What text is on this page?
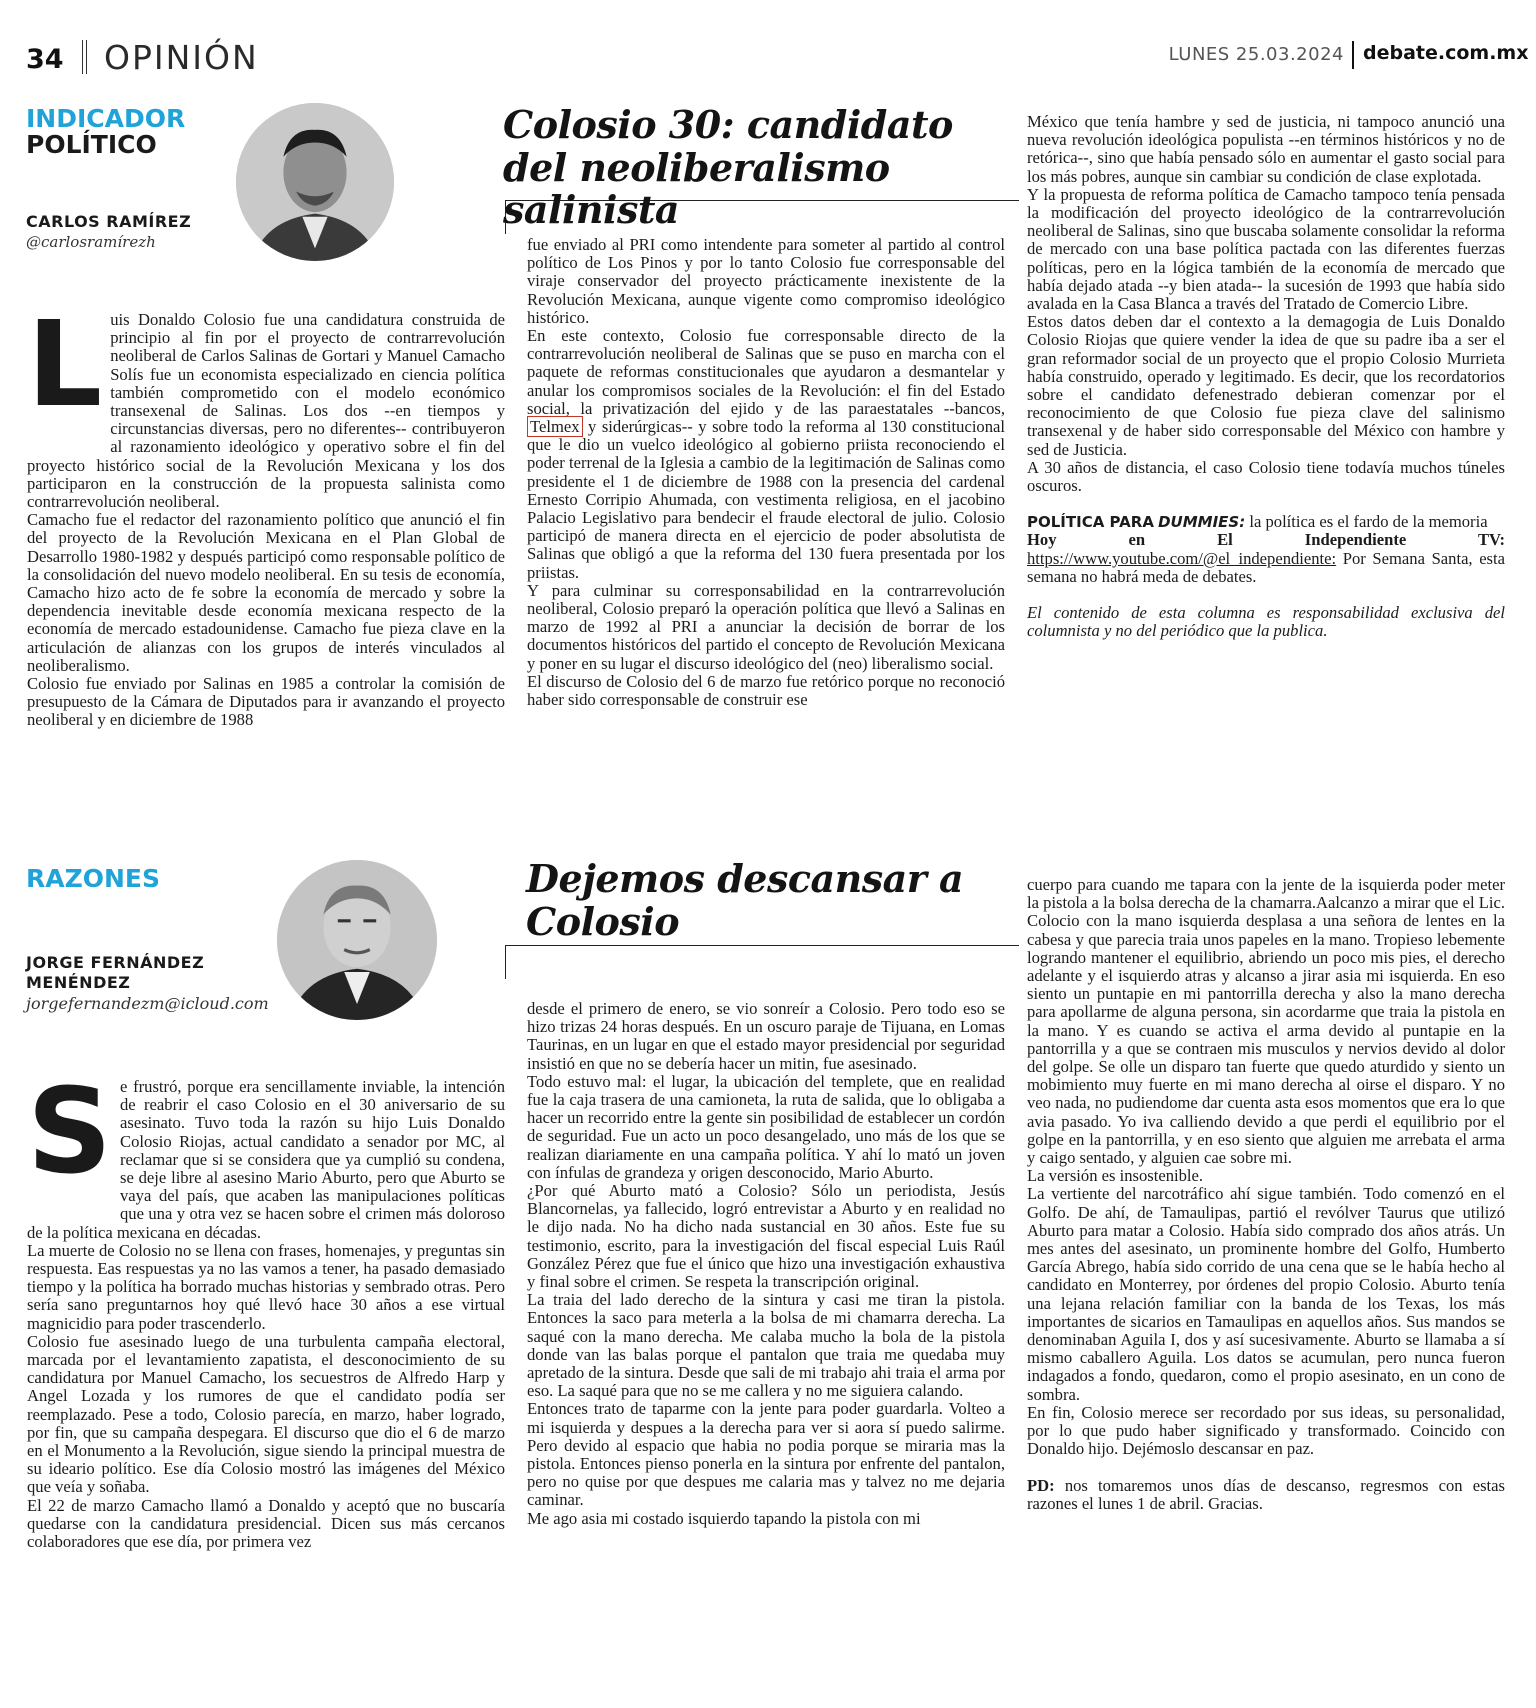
34 OPINIÓN	LUNES 25.03.2024 debate.com.mx
INDICADOR
POLÍTICO
CARLOS RAMÍREZ
@carlosramírezh
Colosio 30: candidato del neoliberalismo salinista
L uis Donaldo Colosio fue una candidatura construida de principio al fin por el proyecto de contrarrevolución neoliberal de Carlos Salinas de Gortari y Manuel Camacho Solís fue un economista especializado en ciencia política también comprometido con el modelo económico transexenal de Salinas. Los dos --en tiempos y circunstancias diversas, pero no diferentes-- contribuyeron al razonamiento ideológico y operativo sobre el fin del proyecto histórico social de la Revolución Mexicana y los dos participaron en la construcción de la propuesta salinista como contrarrevolución neoliberal.

Camacho fue el redactor del razonamiento político que anunció el fin del proyecto de la Revolución Mexicana en el Plan Global de Desarrollo 1980-1982 y después participó como responsable político de la consolidación del nuevo modelo neoliberal. En su tesis de economía, Camacho hizo acto de fe sobre la economía de mercado y sobre la dependencia inevitable desde economía mexicana respecto de la economía de mercado estadounidense. Camacho fue pieza clave en la articulación de alianzas con los grupos de interés vinculados al neoliberalismo.

Colosio fue enviado por Salinas en 1985 a controlar la comisión de presupuesto de la Cámara de Diputados para ir avanzando el proyecto neoliberal y en diciembre de 1988

fue enviado al PRI como intendente para someter al partido al control político de Los Pinos y por lo tanto Colosio fue corresponsable del viraje conservador del proyecto prácticamente inexistente de la Revolución Mexicana, aunque vigente como compromiso ideológico histórico.

En este contexto, Colosio fue corresponsable directo de la contrarrevolución neoliberal de Salinas que se puso en marcha con el paquete de reformas constitucionales que ayudaron a desmantelar y anular los compromisos sociales de la Revolución: el fin del Estado social, la privatización del ejido y de las paraestatales --bancos, Telmex y siderúrgicas-- y sobre todo la reforma al 130 constitucional que le dio un vuelco ideológico al gobierno priista reconociendo el poder terrenal de la Iglesia a cambio de la legitimación de Salinas como presidente el 1 de diciembre de 1988 con la presencia del cardenal Ernesto Corripio Ahumada, con vestimenta religiosa, en el jacobino Palacio Legislativo para bendecir el fraude electoral de julio. Colosio participó de manera directa en el ejercicio de poder absolutista de Salinas que obligó a que la reforma del 130 fuera presentada por los priistas.

Y para culminar su corresponsabilidad en la contrarrevolución neoliberal, Colosio preparó la operación política que llevó a Salinas en marzo de 1992 al PRI a anunciar la decisión de borrar de los documentos históricos del partido el concepto de Revolución Mexicana y poner en su lugar el discurso ideológico del (neo) liberalismo social.

El discurso de Colosio del 6 de marzo fue retórico porque no reconoció haber sido corresponsable de construir ese

México que tenía hambre y sed de justicia, ni tampoco anunció una nueva revolución ideológica populista --en términos históricos y no de retórica--, sino que había pensado sólo en aumentar el gasto social para los más pobres, aunque sin cambiar su condición de clase explotada.

Y la propuesta de reforma política de Camacho tampoco tenía pensada la modificación del proyecto ideológico de la contrarrevolución neoliberal de Salinas, sino que buscaba solamente consolidar la reforma de mercado con una base política pactada con las diferentes fuerzas políticas, pero en la lógica también de la economía de mercado que había dejado atada --y bien atada-- la sucesión de 1993 que había sido avalada en la Casa Blanca a través del Tratado de Comercio Libre.

Estos datos deben dar el contexto a la demagogia de Luis Donaldo Colosio Riojas que quiere vender la idea de que su padre iba a ser el gran reformador social de un proyecto que el propio Colosio Murrieta había construido, operado y legitimado. Es decir, que los recordatorios sobre el candidato defenestrado debieran comenzar por el reconocimiento de que Colosio fue pieza clave del salinismo transexenal y de haber sido corresponsable del México con hambre y sed de Justicia.

A 30 años de distancia, el caso Colosio tiene todavía muchos túneles oscuros.

POLÍTICA PARA DUMMIES: la política es el fardo de la memoria

Hoy en El Independiente TV: https://www.youtube.com/@el_independiente: Por Semana Santa, esta semana no habrá meda de debates.

El contenido de esta columna es responsabilidad exclusiva del columnista y no del periódico que la publica.

RAZONES
JORGE FERNÁNDEZ
MENÉNDEZ
jorgefernandezm@icloud.com
Dejemos descansar a Colosio
S e frustró, porque era sencillamente inviable, la intención de reabrir el caso Colosio en el 30 aniversario de su asesinato. Tuvo toda la razón su hijo Luis Donaldo Colosio Riojas, actual candidato a senador por MC, al reclamar que si se considera que ya cumplió su condena, se deje libre al asesino Mario Aburto, pero que Aburto se vaya del país, que acaben las manipulaciones políticas que una y otra vez se hacen sobre el crimen más doloroso de la política mexicana en décadas.

La muerte de Colosio no se llena con frases, homenajes, y preguntas sin respuesta. Eas respuestas ya no las vamos a tener, ha pasado demasiado tiempo y la política ha borrado muchas historias y sembrado otras. Pero sería sano preguntarnos hoy qué llevó hace 30 años a ese virtual magnicidio para poder trascenderlo.

Colosio fue asesinado luego de una turbulenta campaña electoral, marcada por el levantamiento zapatista, el desconocimiento de su candidatura por Manuel Camacho, los secuestros de Alfredo Harp y Angel Lozada y los rumores de que el candidato podía ser reemplazado. Pese a todo, Colosio parecía, en marzo, haber logrado, por fin, que su campaña despegara. El discurso que dio el 6 de marzo en el Monumento a la Revolución, sigue siendo la principal muestra de su ideario político. Ese día Colosio mostró las imágenes del México que veía y soñaba.

El 22 de marzo Camacho llamó a Donaldo y aceptó que no buscaría quedarse con la candidatura presidencial. Dicen sus más cercanos colaboradores que ese día, por primera vez

desde el primero de enero, se vio sonreír a Colosio. Pero todo eso se hizo trizas 24 horas después. En un oscuro paraje de Tijuana, en Lomas Taurinas, en un lugar en que el estado mayor presidencial por seguridad insistió en que no se debería hacer un mitin, fue asesinado.

Todo estuvo mal: el lugar, la ubicación del templete, que en realidad fue la caja trasera de una camioneta, la ruta de salida, que lo obligaba a hacer un recorrido entre la gente sin posibilidad de establecer un cordón de seguridad. Fue un acto un poco desangelado, uno más de los que se realizan diariamente en una campaña política. Y ahí lo mató un joven con ínfulas de grandeza y origen desconocido, Mario Aburto.

¿Por qué Aburto mató a Colosio? Sólo un periodista, Jesús Blancornelas, ya fallecido, logró entrevistar a Aburto y en realidad no le dijo nada. No ha dicho nada sustancial en 30 años. Este fue su testimonio, escrito, para la investigación del fiscal especial Luis Raúl González Pérez que fue el único que hizo una investigación exhaustiva y final sobre el crimen. Se respeta la transcripción original.

La traia del lado derecho de la sintura y casi me tiran la pistola. Entonces la saco para meterla a la bolsa de mi chamarra derecha. La saqué con la mano derecha. Me calaba mucho la bola de la pistola donde van las balas porque el pantalon que traia me quedaba muy apretado de la sintura. Desde que sali de mi trabajo ahi traia el arma por eso. La saqué para que no se me callera y no me siguiera calando.

Entonces trato de taparme con la jente para poder guardarla. Volteo a mi isquierda y despues a la derecha para ver si aora sí puedo salirme. Pero devido al espacio que habia no podia porque se miraria mas la pistola. Entonces pienso ponerla en la sintura por enfrente del pantalon, pero no quise por que despues me calaria mas y talvez no me dejaria caminar.

Me ago asia mi costado isquierdo tapando la pistola con mi

cuerpo para cuando me tapara con la jente de la isquierda poder meter la pistola a la bolsa derecha de la chamarra.Aalcanzo a mirar que el Lic. Colocio con la mano isquierda desplasa a una señora de lentes en la cabesa y que parecia traia unos papeles en la mano. Tropieso lebemente logrando mantener el equilibrio, abriendo un poco mis pies, el derecho adelante y el isquierdo atras y alcanso a jirar asia mi isquierda. En eso siento un puntapie en mi pantorrilla derecha y also la mano derecha para apollarme de alguna persona, sin acordarme que traia la pistola en la mano. Y es cuando se activa el arma devido al puntapie en la pantorrilla y a que se contraen mis musculos y nervios devido al dolor del golpe. Se olle un disparo tan fuerte que quedo aturdido y siento un mobimiento muy fuerte en mi mano derecha al oirse el disparo. Y no veo nada, no pudiendome dar cuenta asta esos momentos que era lo que avia pasado. Yo iva calliendo devido a que perdi el equilibrio por el golpe en la pantorrilla, y en eso siento que alguien me arrebata el arma y caigo sentado, y alguien cae sobre mi.

La versión es insostenible.

La vertiente del narcotráfico ahí sigue también. Todo comenzó en el Golfo. De ahí, de Tamaulipas, partió el revólver Taurus que utilizó Aburto para matar a Colosio. Había sido comprado dos años atrás. Un mes antes del asesinato, un prominente hombre del Golfo, Humberto García Abrego, había sido corrido de una cena que se le había hecho al candidato en Monterrey, por órdenes del propio Colosio. Aburto tenía una lejana relación familiar con la banda de los Texas, los más importantes de sicarios en Tamaulipas en aquellos años. Sus mandos se denominaban Aguila I, dos y así sucesivamente. Aburto se llamaba a sí mismo caballero Aguila. Los datos se acumulan, pero nunca fueron indagados a fondo, quedaron, como el propio asesinato, en un cono de sombra.

En fin, Colosio merece ser recordado por sus ideas, su personalidad, por lo que pudo haber significado y transformado. Coincido con Donaldo hijo. Dejémoslo descansar en paz.

PD: nos tomaremos unos días de descanso, regresmos con estas razones el lunes 1 de abril. Gracias.
